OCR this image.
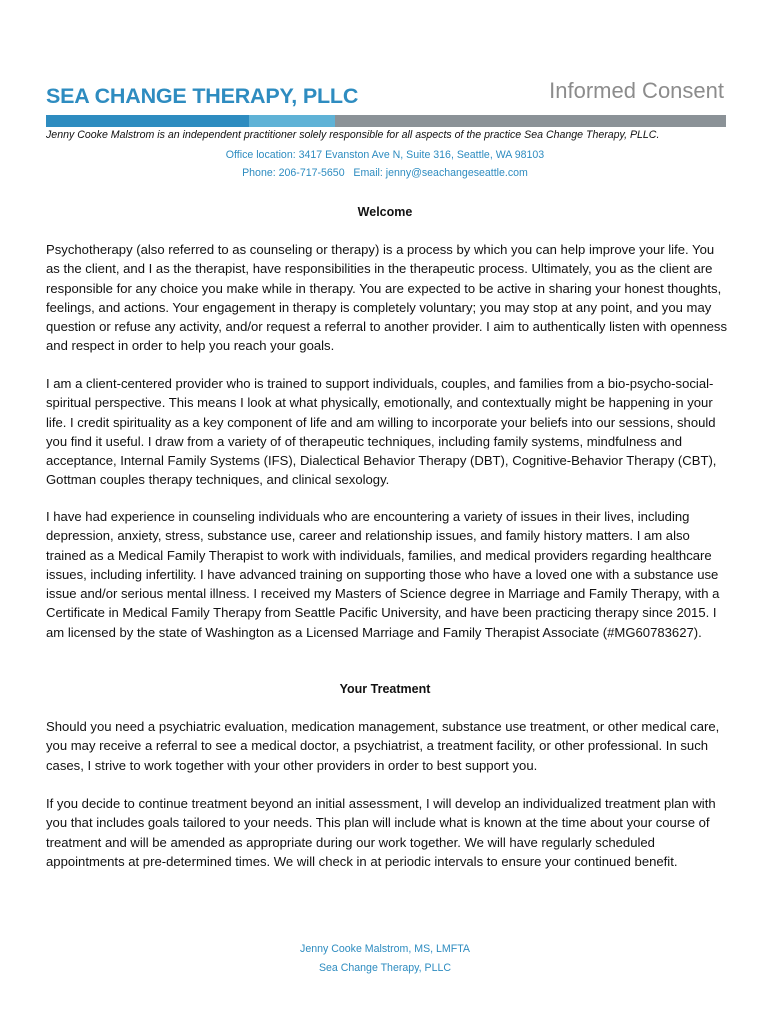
SEA CHANGE THERAPY, PLLC	Informed Consent
Jenny Cooke Malstrom is an independent practitioner solely responsible for all aspects of the practice Sea Change Therapy, PLLC.
Office location: 3417 Evanston Ave N, Suite 316, Seattle, WA 98103
Phone: 206-717-5650   Email: jenny@seachangeseattle.com
Welcome

Psychotherapy (also referred to as counseling or therapy) is a process by which you can help improve your life. You as the client, and I as the therapist, have responsibilities in the therapeutic process. Ultimately, you as the client are responsible for any choice you make while in therapy. You are expected to be active in sharing your honest thoughts, feelings, and actions. Your engagement in therapy is completely voluntary; you may stop at any point, and you may question or refuse any activity, and/or request a referral to another provider. I aim to authentically listen with openness and respect in order to help you reach your goals.

I am a client-centered provider who is trained to support individuals, couples, and families from a bio-psycho-social-spiritual perspective. This means I look at what physically, emotionally, and contextually might be happening in your life. I credit spirituality as a key component of life and am willing to incorporate your beliefs into our sessions, should you find it useful. I draw from a variety of of therapeutic techniques, including family systems, mindfulness and acceptance, Internal Family Systems (IFS), Dialectical Behavior Therapy (DBT), Cognitive-Behavior Therapy (CBT), Gottman couples therapy techniques, and clinical sexology.

I have had experience in counseling individuals who are encountering a variety of issues in their lives, including depression, anxiety, stress, substance use, career and relationship issues, and family history matters. I am also trained as a Medical Family Therapist to work with individuals, families, and medical providers regarding healthcare issues, including infertility. I have advanced training on supporting those who have a loved one with a substance use issue and/or serious mental illness. I received my Masters of Science degree in Marriage and Family Therapy, with a Certificate in Medical Family Therapy from Seattle Pacific University, and have been practicing therapy since 2015. I am licensed by the state of Washington as a Licensed Marriage and Family Therapist Associate (#MG60783627).

Your Treatment

Should you need a psychiatric evaluation, medication management, substance use treatment, or other medical care, you may receive a referral to see a medical doctor, a psychiatrist, a treatment facility, or other professional. In such cases, I strive to work together with your other providers in order to best support you.

If you decide to continue treatment beyond an initial assessment, I will develop an individualized treatment plan with you that includes goals tailored to your needs. This plan will include what is known at the time about your course of treatment and will be amended as appropriate during our work together. We will have regularly scheduled appointments at pre-determined times. We will check in at periodic intervals to ensure your continued benefit.

Jenny Cooke Malstrom, MS, LMFTA
Sea Change Therapy, PLLC
